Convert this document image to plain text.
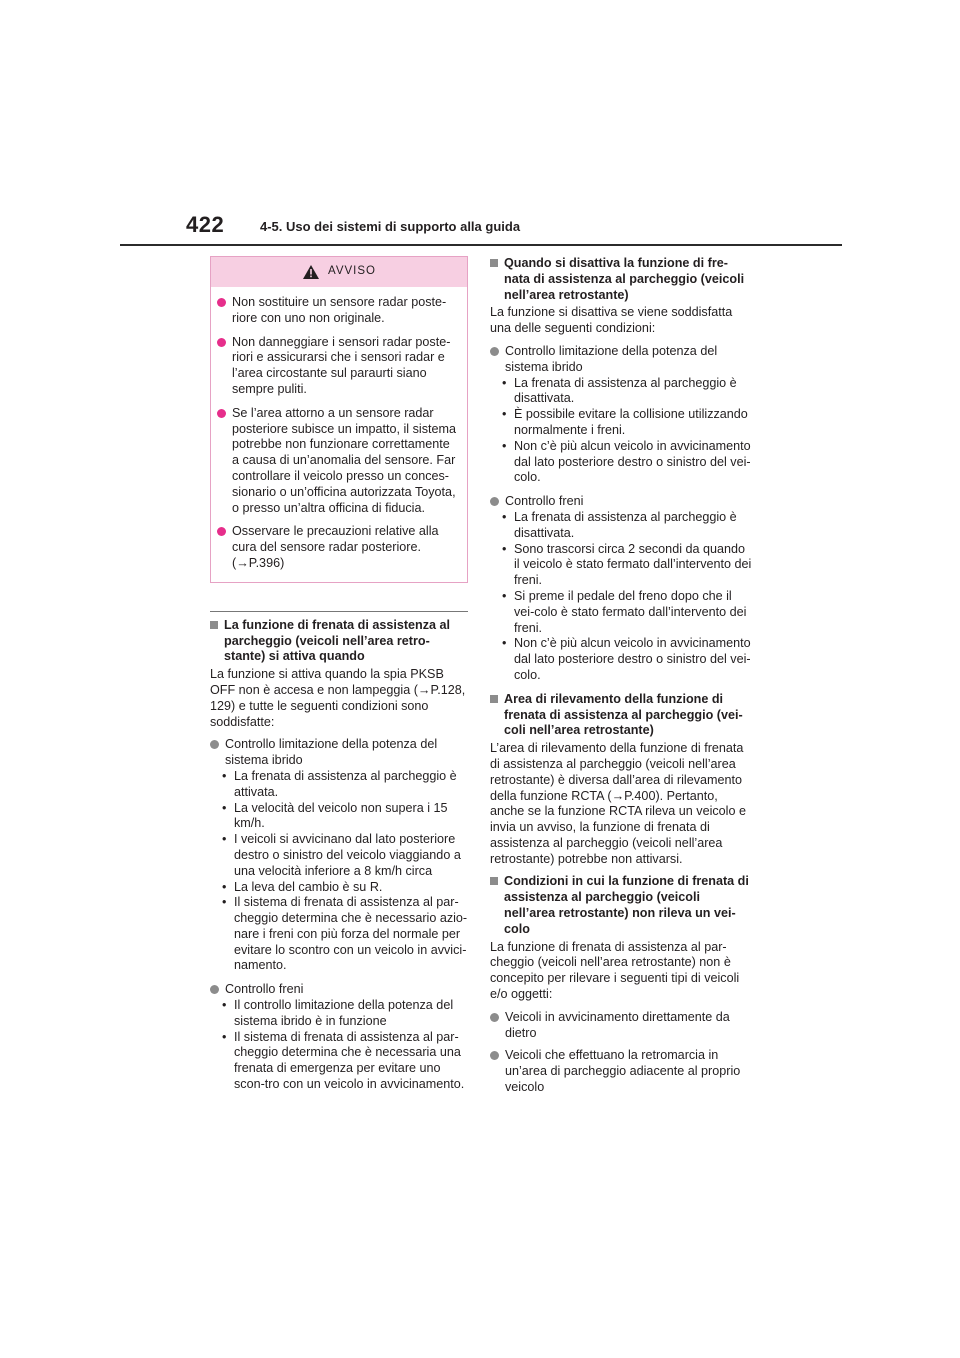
422	4-5. Uso dei sistemi di supporto alla guida
AVVISO
Non sostituire un sensore radar poste-riore con uno non originale.
Non danneggiare i sensori radar poste-riori e assicurarsi che i sensori radar e l’area circostante sul paraurti siano sempre puliti.
Se l’area attorno a un sensore radar posteriore subisce un impatto, il sistema potrebbe non funzionare correttamente a causa di un’anomalia del sensore. Far controllare il veicolo presso un conces-sionario o un’officina autorizzata Toyota, o presso un’altra officina di fiducia.
Osservare le precauzioni relative alla cura del sensore radar posteriore. (→P.396)
La funzione di frenata di assistenza al parcheggio (veicoli nell’area retro-stante) si attiva quando
La funzione si attiva quando la spia PKSB OFF non è accesa e non lampeggia (→P.128, 129) e tutte le seguenti condizioni sono soddisfatte:
Controllo limitazione della potenza del sistema ibrido
• La frenata di assistenza al parcheggio è attivata.
• La velocità del veicolo non supera i 15 km/h.
• I veicoli si avvicinano dal lato posteriore destro o sinistro del veicolo viaggiando a una velocità inferiore a 8 km/h circa
• La leva del cambio è su R.
• Il sistema di frenata di assistenza al par-cheggio determina che è necessario azio-nare i freni con più forza del normale per evitare lo scontro con un veicolo in avvici-namento.
Controllo freni
• Il controllo limitazione della potenza del sistema ibrido è in funzione
• Il sistema di frenata di assistenza al par-cheggio determina che è necessaria una frenata di emergenza per evitare uno scon-tro con un veicolo in avvicinamento.
Quando si disattiva la funzione di fre-nata di assistenza al parcheggio (veicoli nell’area retrostante)
La funzione si disattiva se viene soddisfatta una delle seguenti condizioni:
Controllo limitazione della potenza del sistema ibrido
• La frenata di assistenza al parcheggio è disattivata.
• È possibile evitare la collisione utilizzando normalmente i freni.
• Non c’è più alcun veicolo in avvicinamento dal lato posteriore destro o sinistro del vei-colo.
Controllo freni
• La frenata di assistenza al parcheggio è disattivata.
• Sono trascorsi circa 2 secondi da quando il veicolo è stato fermato dall’intervento dei freni.
• Si preme il pedale del freno dopo che il vei-colo è stato fermato dall’intervento dei freni.
• Non c’è più alcun veicolo in avvicinamento dal lato posteriore destro o sinistro del vei-colo.
Area di rilevamento della funzione di frenata di assistenza al parcheggio (vei-coli nell’area retrostante)
L’area di rilevamento della funzione di frenata di assistenza al parcheggio (veicoli nell’area retrostante) è diversa dall’area di rilevamento della funzione RCTA (→P.400). Pertanto, anche se la funzione RCTA rileva un veicolo e invia un avviso, la funzione di frenata di assistenza al parcheggio (veicoli nell’area retrostante) potrebbe non attivarsi.
Condizioni in cui la funzione di frenata di assistenza al parcheggio (veicoli nell’area retrostante) non rileva un vei-colo
La funzione di frenata di assistenza al par-cheggio (veicoli nell’area retrostante) non è concepito per rilevare i seguenti tipi di veicoli e/o oggetti:
Veicoli in avvicinamento direttamente da dietro
Veicoli che effettuano la retromarcia in un’area di parcheggio adiacente al proprio veicolo
